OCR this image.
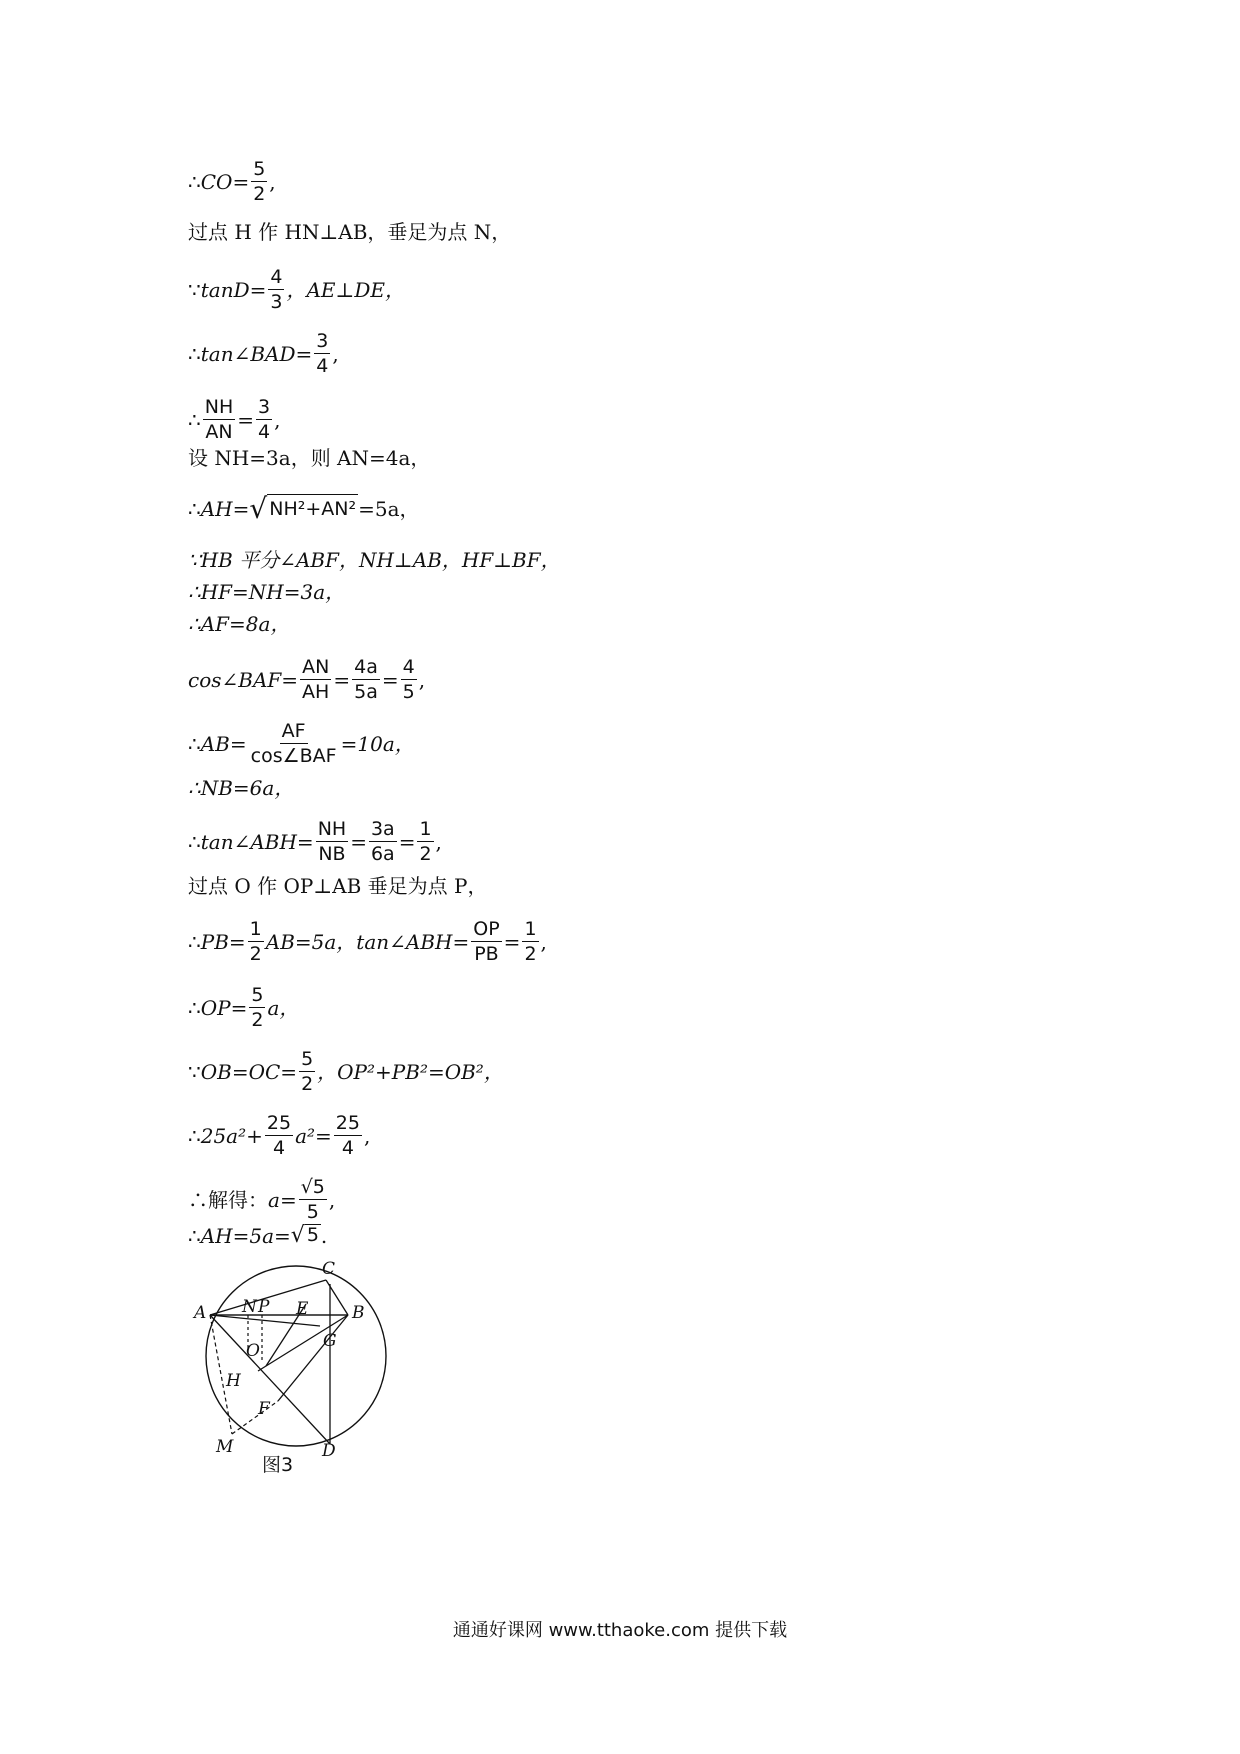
∴ CO = $\frac{5}{2}$ ,
过点 H 作 HN⊥AB，垂足为点 N，
∵ $\tan D = \frac{4}{3}$ ，AE⊥DE，
∴ tan∠BAD = $\frac{3}{4}$ ,
∴ $\frac{NH}{AN} = \frac{3}{4}$ ,
设 NH=3a，则 AN=4a，
∴ AH = √ NH²+AN² =5a，
∵HB 平分∠ABF，NH⊥AB，HF⊥BF，
∴HF=NH=3a，
∴AF=8a，
cos∠BAF = $\frac{AN}{AH} = \frac{4a}{5a} = \frac{4}{5}$ ,
∴ AB = $\frac{AF}{\text{cos∠BAF}} =10a$，
∴NB=6a，
∴ tan∠ABH = $\frac{NH}{NB} = \frac{3a}{6a} = \frac{1}{2}$ ,
过点 O 作 OP⊥AB 垂足为点 P，
∴ PB = $\frac{1}{2} AB=5a$，tan∠ABH= $\frac{OP}{PB} = \frac{1}{2}$ ,
∴ OP = $\frac{5}{2}$ a，
∵ $OB=OC = \frac{5}{2}$ ，OP²+PB²=OB²，
∴ $25a^2+ \frac{25}{4} a^2= \frac{25}{4}$ ,
∴解得： $a = \frac{√5}{5}$ ,
∴ AH=5a= √ 5 .
A	B
C
D
E
F
G
H
M
N
O
P
图3
通通好课网 www.tthaoke.com 提供下载
